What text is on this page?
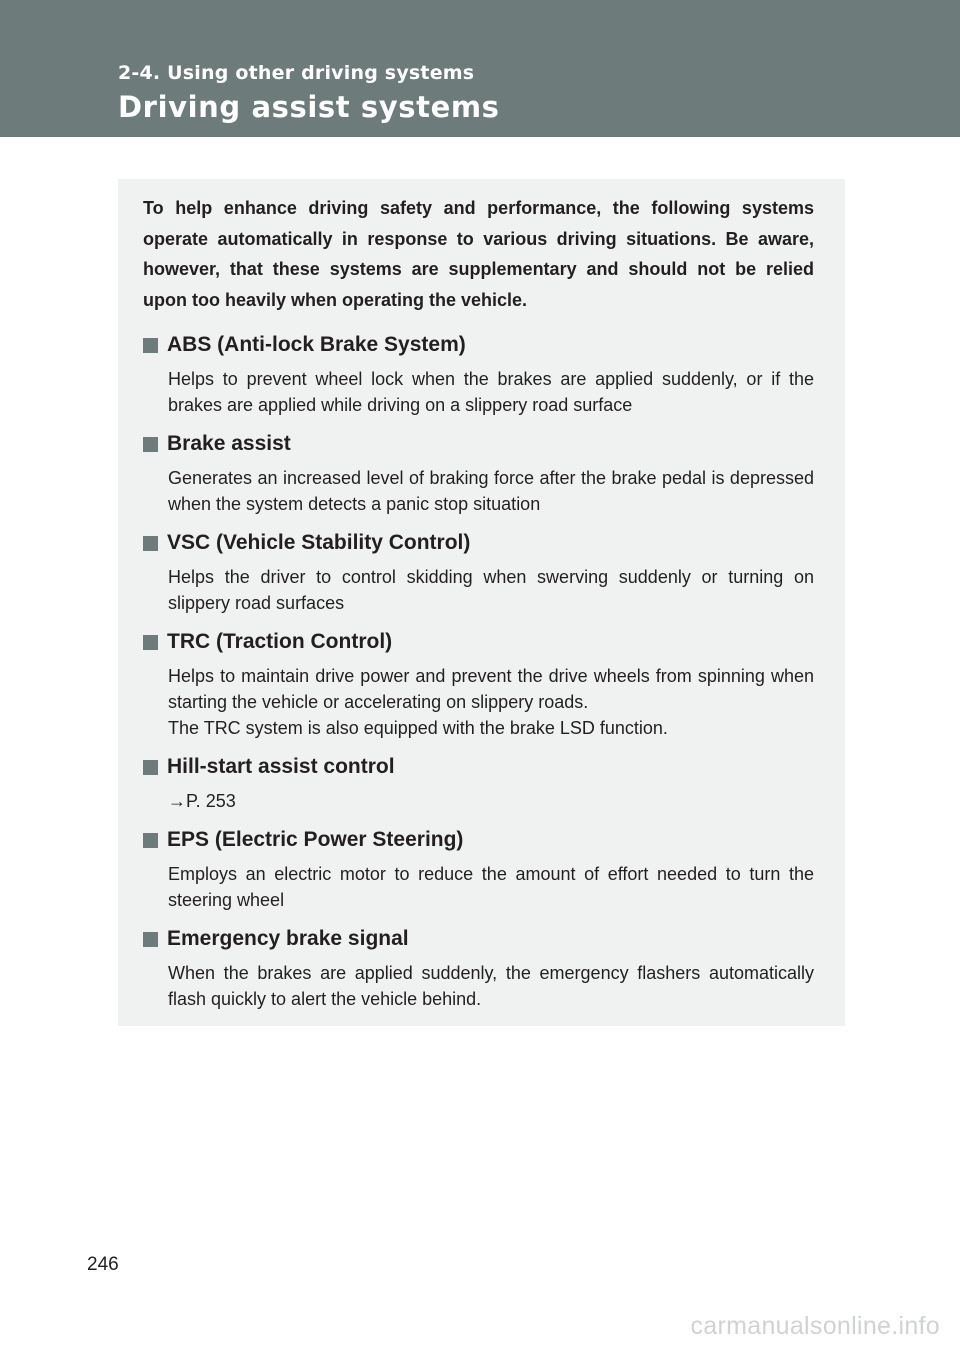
2-4. Using other driving systems
Driving assist systems

To help enhance driving safety and performance, the following systems operate automatically in response to various driving situations. Be aware, however, that these systems are supplementary and should not be relied upon too heavily when operating the vehicle.

ABS (Anti-lock Brake System)

Helps to prevent wheel lock when the brakes are applied suddenly, or if the brakes are applied while driving on a slippery road surface

Brake assist

Generates an increased level of braking force after the brake pedal is depressed when the system detects a panic stop situation

VSC (Vehicle Stability Control)

Helps the driver to control skidding when swerving suddenly or turning on slippery road surfaces

TRC (Traction Control)

Helps to maintain drive power and prevent the drive wheels from spinning when starting the vehicle or accelerating on slippery roads.

The TRC system is also equipped with the brake LSD function.

Hill-start assist control

→P. 253

EPS (Electric Power Steering)

Employs an electric motor to reduce the amount of effort needed to turn the steering wheel

Emergency brake signal

When the brakes are applied suddenly, the emergency flashers automatically flash quickly to alert the vehicle behind.

246
carmanualsonline.info
